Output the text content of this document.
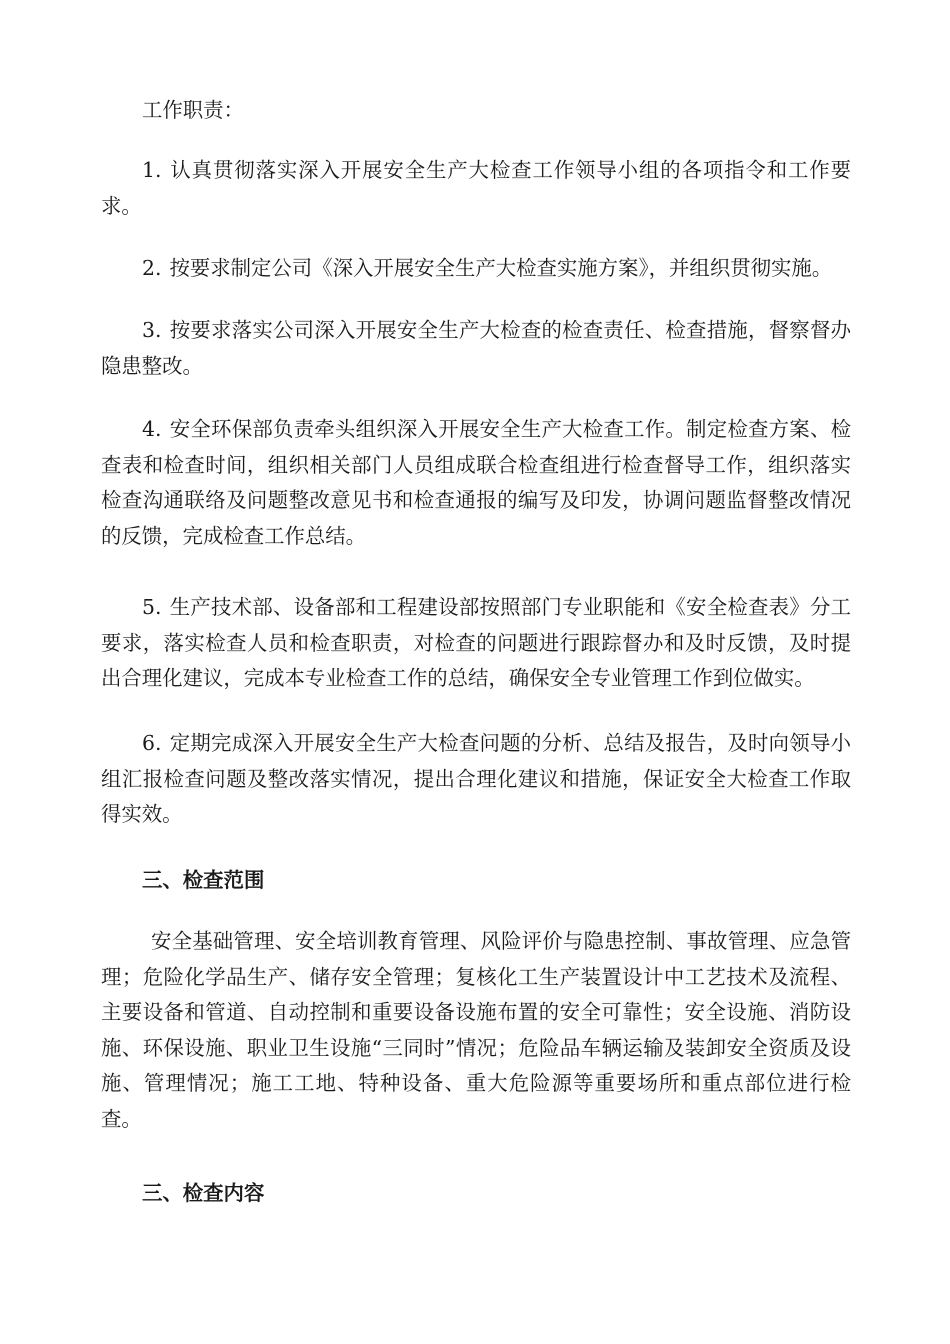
工作职责：

1. 认真贯彻落实深入开展安全生产大检查工作领导小组的各项指令和工作要求。

2. 按要求制定公司《深入开展安全生产大检查实施方案》，并组织贯彻实施。

3. 按要求落实公司深入开展安全生产大检查的检查责任、检查措施，督察督办隐患整改。

4. 安全环保部负责牵头组织深入开展安全生产大检查工作。制定检查方案、检查表和检查时间，组织相关部门人员组成联合检查组进行检查督导工作，组织落实检查沟通联络及问题整改意见书和检查通报的编写及印发，协调问题监督整改情况的反馈，完成检查工作总结。

5. 生产技术部、设备部和工程建设部按照部门专业职能和《安全检查表》分工要求，落实检查人员和检查职责，对检查的问题进行跟踪督办和及时反馈，及时提出合理化建议，完成本专业检查工作的总结，确保安全专业管理工作到位做实。

6. 定期完成深入开展安全生产大检查问题的分析、总结及报告，及时向领导小组汇报检查问题及整改落实情况，提出合理化建议和措施，保证安全大检查工作取得实效。

三、检查范围

安全基础管理、安全培训教育管理、风险评价与隐患控制、事故管理、应急管理；危险化学品生产、储存安全管理；复核化工生产装置设计中工艺技术及流程、主要设备和管道、自动控制和重要设备设施布置的安全可靠性；安全设施、消防设施、环保设施、职业卫生设施“三同时”情况；危险品车辆运输及装卸安全资质及设施、管理情况；施工工地、特种设备、重大危险源等重要场所和重点部位进行检查。

三、检查内容
